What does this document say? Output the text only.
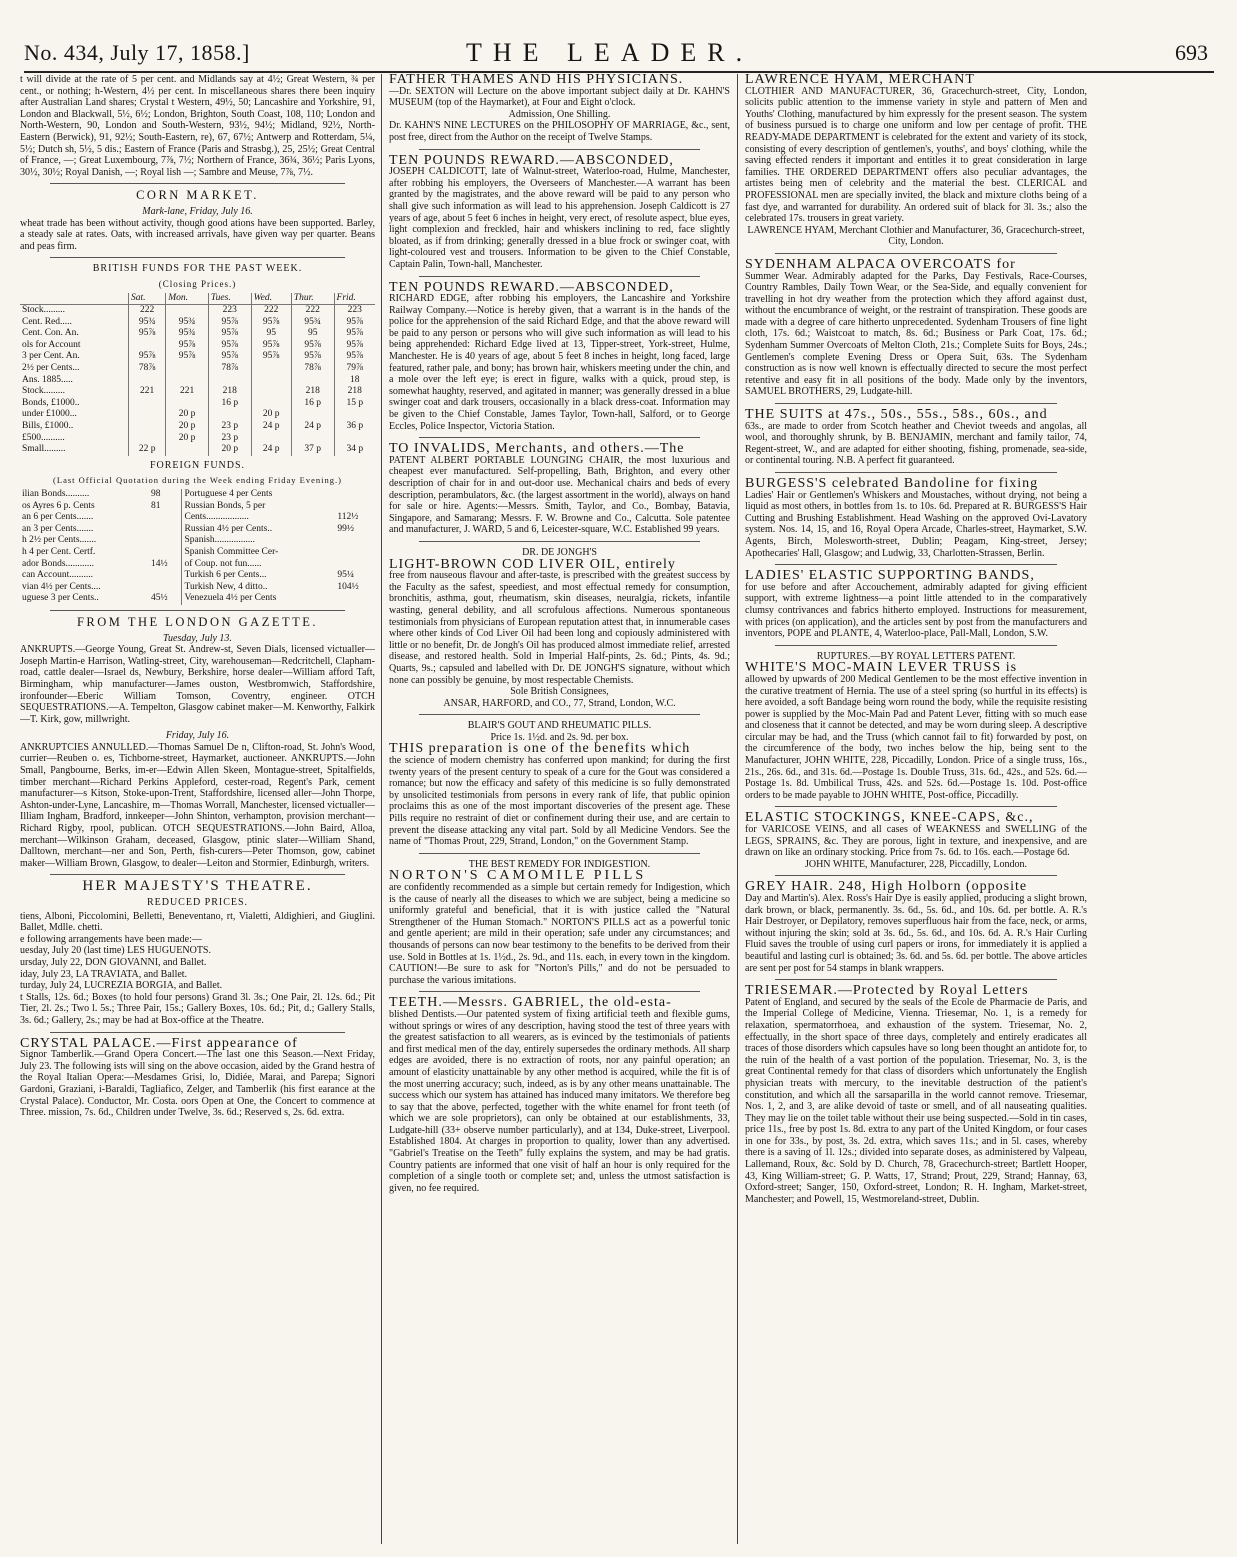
No. 434, July 17, 1858.]	THE LEADER.	693

t will divide at the rate of 5 per cent. and Midlands say at 4½; Great Western, ¾ per cent., or nothing; h-Western, 4½ per cent. In miscellaneous shares there been inquiry after Australian Land shares; Crystal t Western, 49½, 50; Lancashire and Yorkshire, 91, London and Blackwall, 5½, 6½; London, Brighton, South Coast, 108, 110; London and North-Western, 90, London and South-Western, 93½, 94½; Midland, 92½, North-Eastern (Berwick), 91, 92½; South-Eastern, re), 67, 67½; Antwerp and Rotterdam, 5¼, 5½; Dutch sh, 5½, 5 dis.; Eastern of France (Paris and Strasbg.), 25, 25½; Great Central of France, —; Great Luxembourg, 7⅞, 7½; Northern of France, 36¾, 36½; Paris Lyons, 30½, 30½; Royal Danish, —; Royal lish —; Sambre and Meuse, 7⅞, 7½.

CORN MARKET.

Mark-lane, Friday, July 16.

wheat trade has been without activity, though good ations have been supported. Barley, a steady sale at rates. Oats, with increased arrivals, have given way per quarter. Beans and peas firm.

BRITISH FUNDS FOR THE PAST WEEK.
(Closing Prices.)
	Sat.	Mon.	Tues.	Wed.	Thur.	Frid.
Stock.........	222		223	222	222	223
Cent. Red.....	95¾	95¾	95⅞	95⅞	95¾	95⅞
Cent. Con. An.	95⅞	95¾	95⅞	95	95	95⅞
ols for Account		95⅞	95⅞	95⅞	95⅞	95⅞
3 per Cent. An.	95⅞	95⅞	95⅞	95⅞	95⅞	95⅞
2½ per Cents...	78⅞		78⅞		78⅞	79⅞
Ans. 1885.....						18
Stock.........	221	221	218		218	218
Bonds, £1000..			16 p		16 p	15 p
under £1000...		20 p		20 p		
Bills, £1000..		20 p	23 p	24 p	24 p	36 p
£500..........		20 p	23 p			
Small.........	22 p		20 p	24 p	37 p	34 p
FOREIGN FUNDS.
(Last Official Quotation during the Week ending Friday Evening.)
ilian Bonds..........	98	Portuguese 4 per Cents	
os Ayres 6 p. Cents	81	Russian Bonds, 5 per	
an 6 per Cents.......		Cents..................	112½
an 3 per Cents.......		Russian 4½ per Cents..	99½
h 2½ per Cents.......		Spanish.................	
h 4 per Cent. Certf.		Spanish Committee Cer-	
ador Bonds............	14½	of Coup. not fun......	
can Account..........		Turkish 6 per Cents...	95¼
vian 4½ per Cents....		Turkish New, 4 ditto..	104½
uguese 3 per Cents..	45½	Venezuela 4½ per Cents	
FROM THE LONDON GAZETTE.

Tuesday, July 13.

ANKRUPTS.—George Young, Great St. Andrew-st, Seven Dials, licensed victualler—Joseph Martin-e Harrison, Watling-street, City, warehouseman—Redcritchell, Clapham-road, cattle dealer—Israel ds, Newbury, Berkshire, horse dealer—William afford Taft, Birmingham, whip manufacturer—James ouston, Westbromwich, Staffordshire, ironfounder—Eberic William Tomson, Coventry, engineer. OTCH SEQUESTRATIONS.—A. Tempelton, Glasgow cabinet maker—M. Kenworthy, Falkirk—T. Kirk, gow, millwright.

Friday, July 16.

ANKRUPTCIES ANNULLED.—Thomas Samuel De n, Clifton-road, St. John's Wood, currier—Reuben o. es, Tichborne-street, Haymarket, auctioneer. ANKRUPTS.—John Small, Pangbourne, Berks, im-er—Edwin Allen Skeen, Montague-street, Spitalfields, timber merchant—Richard Perkins Appleford, cester-road, Regent's Park, cement manufacturer—s Kitson, Stoke-upon-Trent, Staffordshire, licensed aller—John Thorpe, Ashton-under-Lyne, Lancashire, m—Thomas Worrall, Manchester, licensed victualler—Illiam Ingham, Bradford, innkeeper—John Shinton, verhampton, provision merchant—Richard Rigby, rpool, publican. OTCH SEQUESTRATIONS.—John Baird, Alloa, merchant—Wilkinson Graham, deceased, Glasgow, ptinic slater—William Shand, Dalltown, merchant—ner and Son, Perth, fish-curers—Peter Thomson, gow, cabinet maker—William Brown, Glasgow, to dealer—Leiton and Stormier, Edinburgh, writers.

HER MAJESTY'S THEATRE.
REDUCED PRICES.

tiens, Alboni, Piccolomini, Belletti, Beneventano, rt, Vialetti, Aldighieri, and Giuglini. Ballet, Mdlle. chetti.

e following arrangements have been made:—

uesday, July 20 (last time) LES HUGUENOTS.

ursday, July 22, DON GIOVANNI, and Ballet.

iday, July 23, LA TRAVIATA, and Ballet.

turday, July 24, LUCREZIA BORGIA, and Ballet.

t Stalls, 12s. 6d.; Boxes (to hold four persons) Grand 3l. 3s.; One Pair, 2l. 12s. 6d.; Pit Tier, 2l. 2s.; Two l. 5s.; Three Pair, 15s.; Gallery Boxes, 10s. 6d.; Pit, d.; Gallery Stalls, 3s. 6d.; Gallery, 2s.; may be had at Box-office at the Theatre.

CRYSTAL PALACE.—First appearance of

Signor Tamberlik.—Grand Opera Concert.—The last one this Season.—Next Friday, July 23. The following ists will sing on the above occasion, aided by the Grand hestra of the Royal Italian Opera:—Mesdames Grisi, lo, Didiée, Marai, and Parepa; Signori Gardoni, Graziani, i-Baraldi, Tagliafico, Zelger, and Tamberlik (his first earance at the Crystal Palace). Conductor, Mr. Costa. oors Open at One, the Concert to commence at Three. mission, 7s. 6d., Children under Twelve, 3s. 6d.; Reserved s, 2s. 6d. extra.

FATHER THAMES AND HIS PHYSICIANS.

—Dr. SEXTON will Lecture on the above important subject daily at Dr. KAHN'S MUSEUM (top of the Haymarket), at Four and Eight o'clock.

Admission, One Shilling.

Dr. KAHN'S NINE LECTURES on the PHILOSOPHY OF MARRIAGE, &c., sent, post free, direct from the Author on the receipt of Twelve Stamps.

TEN POUNDS REWARD.—ABSCONDED,

JOSEPH CALDICOTT, late of Walnut-street, Waterloo-road, Hulme, Manchester, after robbing his employers, the Overseers of Manchester.—A warrant has been granted by the magistrates, and the above reward will be paid to any person who shall give such information as will lead to his apprehension. Joseph Caldicott is 27 years of age, about 5 feet 6 inches in height, very erect, of resolute aspect, blue eyes, light complexion and freckled, hair and whiskers inclining to red, face slightly bloated, as if from drinking; generally dressed in a blue frock or swinger coat, with light-coloured vest and trousers. Information to be given to the Chief Constable, Captain Palin, Town-hall, Manchester.

TEN POUNDS REWARD.—ABSCONDED,

RICHARD EDGE, after robbing his employers, the Lancashire and Yorkshire Railway Company.—Notice is hereby given, that a warrant is in the hands of the police for the apprehension of the said Richard Edge, and that the above reward will be paid to any person or persons who will give such information as will lead to his being apprehended: Richard Edge lived at 13, Tipper-street, York-street, Hulme, Manchester. He is 40 years of age, about 5 feet 8 inches in height, long faced, large featured, rather pale, and bony; has brown hair, whiskers meeting under the chin, and a mole over the left eye; is erect in figure, walks with a quick, proud step, is somewhat haughty, reserved, and agitated in manner; was generally dressed in a blue swinger coat and dark trousers, occasionally in a black dress-coat. Information may be given to the Chief Constable, James Taylor, Town-hall, Salford, or to George Eccles, Police Inspector, Victoria Station.

TO INVALIDS, Merchants, and others.—The

PATENT ALBERT PORTABLE LOUNGING CHAIR, the most luxurious and cheapest ever manufactured. Self-propelling, Bath, Brighton, and every other description of chair for in and out-door use. Mechanical chairs and beds of every description, perambulators, &c. (the largest assortment in the world), always on hand for sale or hire. Agents:—Messrs. Smith, Taylor, and Co., Bombay, Batavia, Singapore, and Samarang; Messrs. F. W. Browne and Co., Calcutta. Sole patentee and manufacturer, J. WARD, 5 and 6, Leicester-square, W.C. Established 99 years.

DR. DE JONGH'S

LIGHT-BROWN COD LIVER OIL, entirely

free from nauseous flavour and after-taste, is prescribed with the greatest success by the Faculty as the safest, speediest, and most effectual remedy for consumption, bronchitis, asthma, gout, rheumatism, skin diseases, neuralgia, rickets, infantile wasting, general debility, and all scrofulous affections. Numerous spontaneous testimonials from physicians of European reputation attest that, in innumerable cases where other kinds of Cod Liver Oil had been long and copiously administered with little or no benefit, Dr. de Jongh's Oil has produced almost immediate relief, arrested disease, and restored health. Sold in Imperial Half-pints, 2s. 6d.; Pints, 4s. 9d.; Quarts, 9s.; capsuled and labelled with Dr. DE JONGH'S signature, without which none can possibly be genuine, by most respectable Chemists.

Sole British Consignees,

ANSAR, HARFORD, and CO., 77, Strand, London, W.C.

BLAIR'S GOUT AND RHEUMATIC PILLS.

Price 1s. 1½d. and 2s. 9d. per box.

THIS preparation is one of the benefits which

the science of modern chemistry has conferred upon mankind; for during the first twenty years of the present century to speak of a cure for the Gout was considered a romance; but now the efficacy and safety of this medicine is so fully demonstrated by unsolicited testimonials from persons in every rank of life, that public opinion proclaims this as one of the most important discoveries of the present age. These Pills require no restraint of diet or confinement during their use, and are certain to prevent the disease attacking any vital part. Sold by all Medicine Vendors. See the name of "Thomas Prout, 229, Strand, London," on the Government Stamp.

THE BEST REMEDY FOR INDIGESTION.

NORTON'S CAMOMILE PILLS

are confidently recommended as a simple but certain remedy for Indigestion, which is the cause of nearly all the diseases to which we are subject, being a medicine so uniformly grateful and beneficial, that it is with justice called the "Natural Strengthener of the Human Stomach." NORTON'S PILLS act as a powerful tonic and gentle aperient; are mild in their operation; safe under any circumstances; and thousands of persons can now bear testimony to the benefits to be derived from their use. Sold in Bottles at 1s. 1½d., 2s. 9d., and 11s. each, in every town in the kingdom. CAUTION!—Be sure to ask for "Norton's Pills," and do not be persuaded to purchase the various imitations.

TEETH.—Messrs. GABRIEL, the old-esta-

blished Dentists.—Our patented system of fixing artificial teeth and flexible gums, without springs or wires of any description, having stood the test of three years with the greatest satisfaction to all wearers, as is evinced by the testimonials of patients and first medical men of the day, entirely supersedes the ordinary methods. All sharp edges are avoided, there is no extraction of roots, nor any painful operation; an amount of elasticity unattainable by any other method is acquired, while the fit is of the most unerring accuracy; such, indeed, as is by any other means unattainable. The success which our system has attained has induced many imitators. We therefore beg to say that the above, perfected, together with the white enamel for front teeth (of which we are sole proprietors), can only be obtained at our establishments, 33, Ludgate-hill (33+ observe number particularly), and at 134, Duke-street, Liverpool. Established 1804. At charges in proportion to quality, lower than any advertised. "Gabriel's Treatise on the Teeth" fully explains the system, and may be had gratis. Country patients are informed that one visit of half an hour is only required for the completion of a single tooth or complete set; and, unless the utmost satisfaction is given, no fee required.

LAWRENCE HYAM, MERCHANT

CLOTHIER AND MANUFACTURER, 36, Gracechurch-street, City, London, solicits public attention to the immense variety in style and pattern of Men and Youths' Clothing, manufactured by him expressly for the present season. The system of business pursued is to charge one uniform and low per centage of profit. THE READY-MADE DEPARTMENT is celebrated for the extent and variety of its stock, consisting of every description of gentlemen's, youths', and boys' clothing, while the saving effected renders it important and entitles it to great consideration in large families. THE ORDERED DEPARTMENT offers also peculiar advantages, the artistes being men of celebrity and the material the best. CLERICAL and PROFESSIONAL men are specially invited, the black and mixture cloths being of a fast dye, and warranted for durability. An ordered suit of black for 3l. 3s.; also the celebrated 17s. trousers in great variety.

LAWRENCE HYAM, Merchant Clothier and Manufacturer, 36, Gracechurch-street, City, London.

SYDENHAM ALPACA OVERCOATS for

Summer Wear. Admirably adapted for the Parks, Day Festivals, Race-Courses, Country Rambles, Daily Town Wear, or the Sea-Side, and equally convenient for travelling in hot dry weather from the protection which they afford against dust, without the encumbrance of weight, or the restraint of transpiration. These goods are made with a degree of care hitherto unprecedented. Sydenham Trousers of fine light cloth, 17s. 6d.; Waistcoat to match, 8s. 6d.; Business or Park Coat, 17s. 6d.; Sydenham Summer Overcoats of Melton Cloth, 21s.; Complete Suits for Boys, 24s.; Gentlemen's complete Evening Dress or Opera Suit, 63s. The Sydenham construction as is now well known is effectually directed to secure the most perfect retentive and easy fit in all positions of the body. Made only by the inventors, SAMUEL BROTHERS, 29, Ludgate-hill.

THE SUITS at 47s., 50s., 55s., 58s., 60s., and

63s., are made to order from Scotch heather and Cheviot tweeds and angolas, all wool, and thoroughly shrunk, by B. BENJAMIN, merchant and family tailor, 74, Regent-street, W., and are adapted for either shooting, fishing, promenade, sea-side, or continental touring. N.B. A perfect fit guaranteed.

BURGESS'S celebrated Bandoline for fixing

Ladies' Hair or Gentlemen's Whiskers and Moustaches, without drying, not being a liquid as most others, in bottles from 1s. to 10s. 6d. Prepared at R. BURGESS'S Hair Cutting and Brushing Establishment. Head Washing on the approved Ovi-Lavatory system. Nos. 14, 15, and 16, Royal Opera Arcade, Charles-street, Haymarket, S.W. Agents, Birch, Molesworth-street, Dublin; Peagam, King-street, Jersey; Apothecaries' Hall, Glasgow; and Ludwig, 33, Charlotten-Strassen, Berlin.

LADIES' ELASTIC SUPPORTING BANDS,

for use before and after Accouchement, admirably adapted for giving efficient support, with extreme lightness—a point little attended to in the comparatively clumsy contrivances and fabrics hitherto employed. Instructions for measurement, with prices (on application), and the articles sent by post from the manufacturers and inventors, POPE and PLANTE, 4, Waterloo-place, Pall-Mall, London, S.W.

RUPTURES.—BY ROYAL LETTERS PATENT.

WHITE'S MOC-MAIN LEVER TRUSS is

allowed by upwards of 200 Medical Gentlemen to be the most effective invention in the curative treatment of Hernia. The use of a steel spring (so hurtful in its effects) is here avoided, a soft Bandage being worn round the body, while the requisite resisting power is supplied by the Moc-Main Pad and Patent Lever, fitting with so much ease and closeness that it cannot be detected, and may be worn during sleep. A descriptive circular may be had, and the Truss (which cannot fail to fit) forwarded by post, on the circumference of the body, two inches below the hip, being sent to the Manufacturer, JOHN WHITE, 228, Piccadilly, London. Price of a single truss, 16s., 21s., 26s. 6d., and 31s. 6d.—Postage 1s. Double Truss, 31s. 6d., 42s., and 52s. 6d.—Postage 1s. 8d. Umbilical Truss, 42s. and 52s. 6d.—Postage 1s. 10d. Post-office orders to be made payable to JOHN WHITE, Post-office, Piccadilly.

ELASTIC STOCKINGS, KNEE-CAPS, &c.,

for VARICOSE VEINS, and all cases of WEAKNESS and SWELLING of the LEGS, SPRAINS, &c. They are porous, light in texture, and inexpensive, and are drawn on like an ordinary stocking. Price from 7s. 6d. to 16s. each.—Postage 6d.

JOHN WHITE, Manufacturer, 228, Piccadilly, London.

GREY HAIR. 248, High Holborn (opposite

Day and Martin's). Alex. Ross's Hair Dye is easily applied, producing a slight brown, dark brown, or black, permanently. 3s. 6d., 5s. 6d., and 10s. 6d. per bottle. A. R.'s Hair Destroyer, or Depilatory, removes superfluous hair from the face, neck, or arms, without injuring the skin; sold at 3s. 6d., 5s. 6d., and 10s. 6d. A. R.'s Hair Curling Fluid saves the trouble of using curl papers or irons, for immediately it is applied a beautiful and lasting curl is obtained; 3s. 6d. and 5s. 6d. per bottle. The above articles are sent per post for 54 stamps in blank wrappers.

TRIESEMAR.—Protected by Royal Letters

Patent of England, and secured by the seals of the Ecole de Pharmacie de Paris, and the Imperial College of Medicine, Vienna. Triesemar, No. 1, is a remedy for relaxation, spermatorrhoea, and exhaustion of the system. Triesemar, No. 2, effectually, in the short space of three days, completely and entirely eradicates all traces of those disorders which capsules have so long been thought an antidote for, to the ruin of the health of a vast portion of the population. Triesemar, No. 3, is the great Continental remedy for that class of disorders which unfortunately the English physician treats with mercury, to the inevitable destruction of the patient's constitution, and which all the sarsaparilla in the world cannot remove. Triesemar, Nos. 1, 2, and 3, are alike devoid of taste or smell, and of all nauseating qualities. They may lie on the toilet table without their use being suspected.—Sold in tin cases, price 11s., free by post 1s. 8d. extra to any part of the United Kingdom, or four cases in one for 33s., by post, 3s. 2d. extra, which saves 11s.; and in 5l. cases, whereby there is a saving of 1l. 12s.; divided into separate doses, as administered by Valpeau, Lallemand, Roux, &c. Sold by D. Church, 78, Gracechurch-street; Bartlett Hooper, 43, King William-street; G. P. Watts, 17, Strand; Prout, 229, Strand; Hannay, 63, Oxford-street; Sanger, 150, Oxford-street, London; R. H. Ingham, Market-street, Manchester; and Powell, 15, Westmoreland-street, Dublin.
